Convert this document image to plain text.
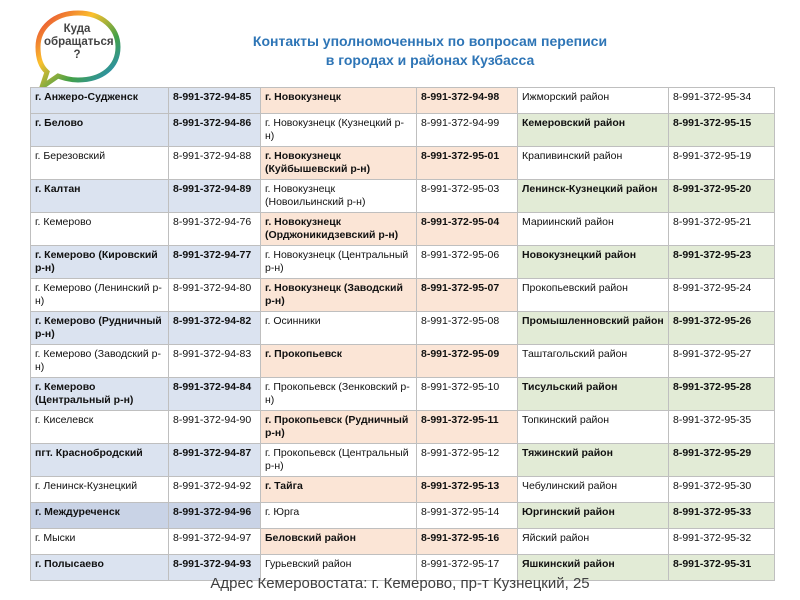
Куда
обращаться
?
Контакты уполномоченных по вопросам переписи
в городах и районах Кузбасса
г. Анжеро-Судженск	8-991-372-94-85	г. Новокузнецк	8-991-372-94-98	Ижморский район	8-991-372-95-34
г. Белово	8-991-372-94-86	г. Новокузнецк (Кузнецкий р-н)	8-991-372-94-99	Кемеровский район	8-991-372-95-15
г. Березовский	8-991-372-94-88	г. Новокузнецк (Куйбышевский р-н)	8-991-372-95-01	Крапивинский район	8-991-372-95-19
г. Калтан	8-991-372-94-89	г. Новокузнецк (Новоильинский р-н)	8-991-372-95-03	Ленинск-Кузнецкий район	8-991-372-95-20
г. Кемерово	8-991-372-94-76	г. Новокузнецк (Орджоникидзевский р-н)	8-991-372-95-04	Мариинский район	8-991-372-95-21
г. Кемерово (Кировский р-н)	8-991-372-94-77	г. Новокузнецк (Центральный р-н)	8-991-372-95-06	Новокузнецкий район	8-991-372-95-23
г. Кемерово (Ленинский р-н)	8-991-372-94-80	г. Новокузнецк (Заводский р-н)	8-991-372-95-07	Прокопьевский район	8-991-372-95-24
г. Кемерово (Рудничный р-н)	8-991-372-94-82	г. Осинники	8-991-372-95-08	Промышленновский район	8-991-372-95-26
г. Кемерово (Заводский р-н)	8-991-372-94-83	г. Прокопьевск	8-991-372-95-09	Таштагольский район	8-991-372-95-27
г. Кемерово (Центральный р-н)	8-991-372-94-84	г. Прокопьевск (Зенковский р-н)	8-991-372-95-10	Тисульский район	8-991-372-95-28
г. Киселевск	8-991-372-94-90	г. Прокопьевск (Рудничный р-н)	8-991-372-95-11	Топкинский район	8-991-372-95-35
пгт. Краснобродский	8-991-372-94-87	г. Прокопьевск (Центральный р-н)	8-991-372-95-12	Тяжинский район	8-991-372-95-29
г. Ленинск-Кузнецкий	8-991-372-94-92	г. Тайга	8-991-372-95-13	Чебулинский район	8-991-372-95-30
г. Междуреченск	8-991-372-94-96	г. Юрга	8-991-372-95-14	Юргинский район	8-991-372-95-33
г. Мыски	8-991-372-94-97	Беловский район	8-991-372-95-16	Яйский район	8-991-372-95-32
г. Полысаево	8-991-372-94-93	Гурьевский район	8-991-372-95-17	Яшкинский район	8-991-372-95-31
Адрес Кемеровостата: г. Кемерово, пр-т Кузнецкий, 25
